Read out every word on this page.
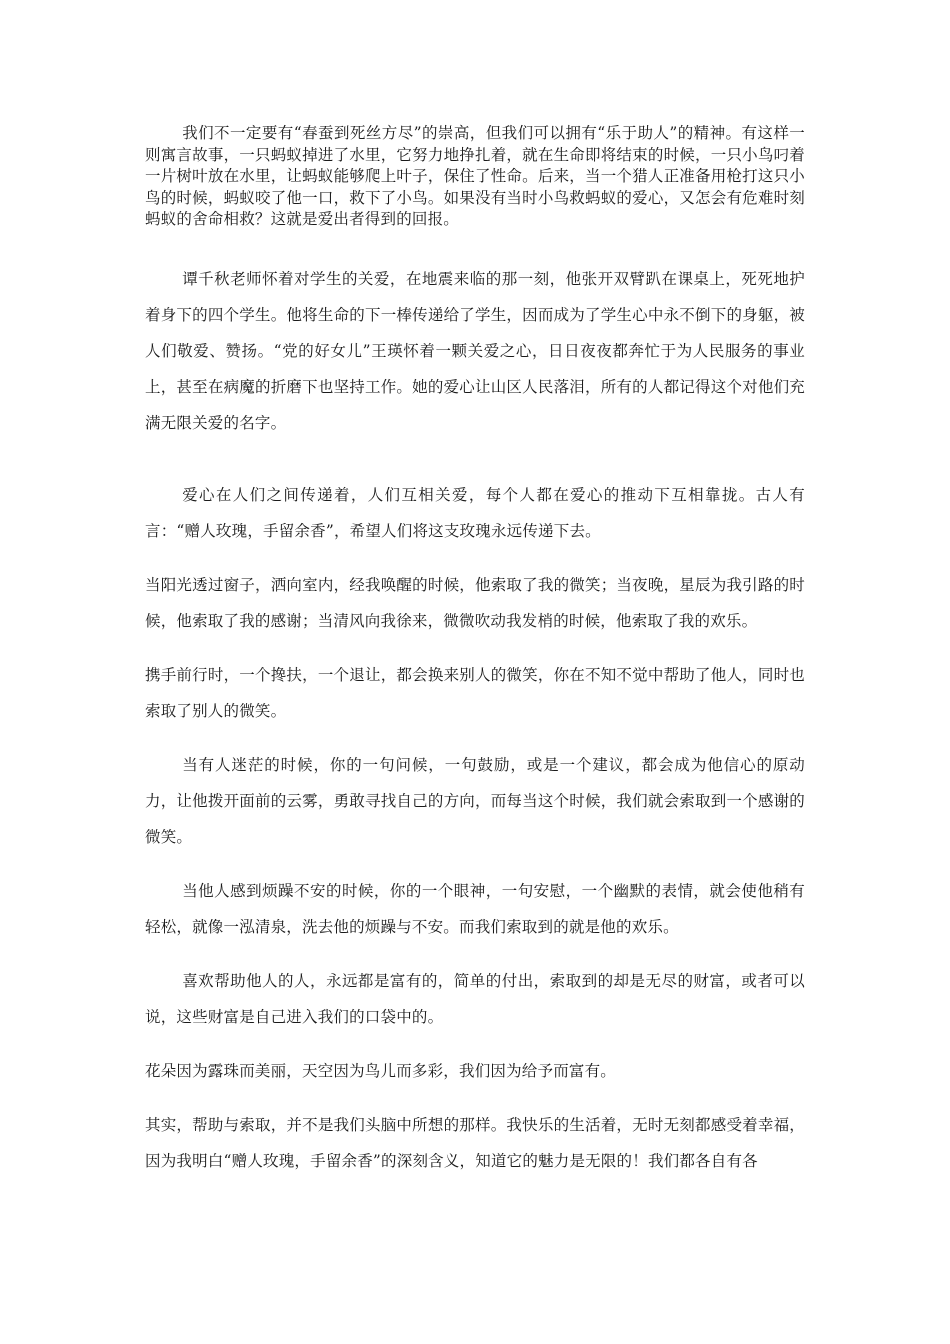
我们不一定要有“春蚕到死丝方尽”的崇高，但我们可以拥有“乐于助人”的精神。有这样一则寓言故事，一只蚂蚁掉进了水里，它努力地挣扎着，就在生命即将结束的时候，一只小鸟叼着一片树叶放在水里，让蚂蚁能够爬上叶子，保住了性命。后来，当一个猎人正准备用枪打这只小鸟的时候，蚂蚁咬了他一口，救下了小鸟。如果没有当时小鸟救蚂蚁的爱心，又怎会有危难时刻蚂蚁的舍命相救？这就是爱出者得到的回报。

谭千秋老师怀着对学生的关爱，在地震来临的那一刻，他张开双臂趴在课桌上，死死地护着身下的四个学生。他将生命的下一棒传递给了学生，因而成为了学生心中永不倒下的身躯，被人们敬爱、赞扬。“党的好女儿”王瑛怀着一颗关爱之心，日日夜夜都奔忙于为人民服务的事业上，甚至在病魔的折磨下也坚持工作。她的爱心让山区人民落泪，所有的人都记得这个对他们充满无限关爱的名字。

爱心在人们之间传递着，人们互相关爱，每个人都在爱心的推动下互相靠拢。古人有言：“赠人玫瑰，手留余香”，希望人们将这支玫瑰永远传递下去。

当阳光透过窗子，洒向室内，经我唤醒的时候，他索取了我的微笑；当夜晚，星辰为我引路的时候，他索取了我的感谢；当清风向我徐来，微微吹动我发梢的时候，他索取了我的欢乐。

携手前行时，一个搀扶，一个退让，都会换来别人的微笑，你在不知不觉中帮助了他人，同时也索取了别人的微笑。

当有人迷茫的时候，你的一句问候，一句鼓励，或是一个建议，都会成为他信心的原动力，让他拨开面前的云雾，勇敢寻找自己的方向，而每当这个时候，我们就会索取到一个感谢的微笑。

当他人感到烦躁不安的时候，你的一个眼神，一句安慰，一个幽默的表情，就会使他稍有轻松，就像一泓清泉，洗去他的烦躁与不安。而我们索取到的就是他的欢乐。

喜欢帮助他人的人，永远都是富有的，简单的付出，索取到的却是无尽的财富，或者可以说，这些财富是自己进入我们的口袋中的。

花朵因为露珠而美丽，天空因为鸟儿而多彩，我们因为给予而富有。

其实，帮助与索取，并不是我们头脑中所想的那样。我快乐的生活着，无时无刻都感受着幸福，因为我明白“赠人玫瑰，手留余香”的深刻含义，知道它的魅力是无限的！我们都各自有各
